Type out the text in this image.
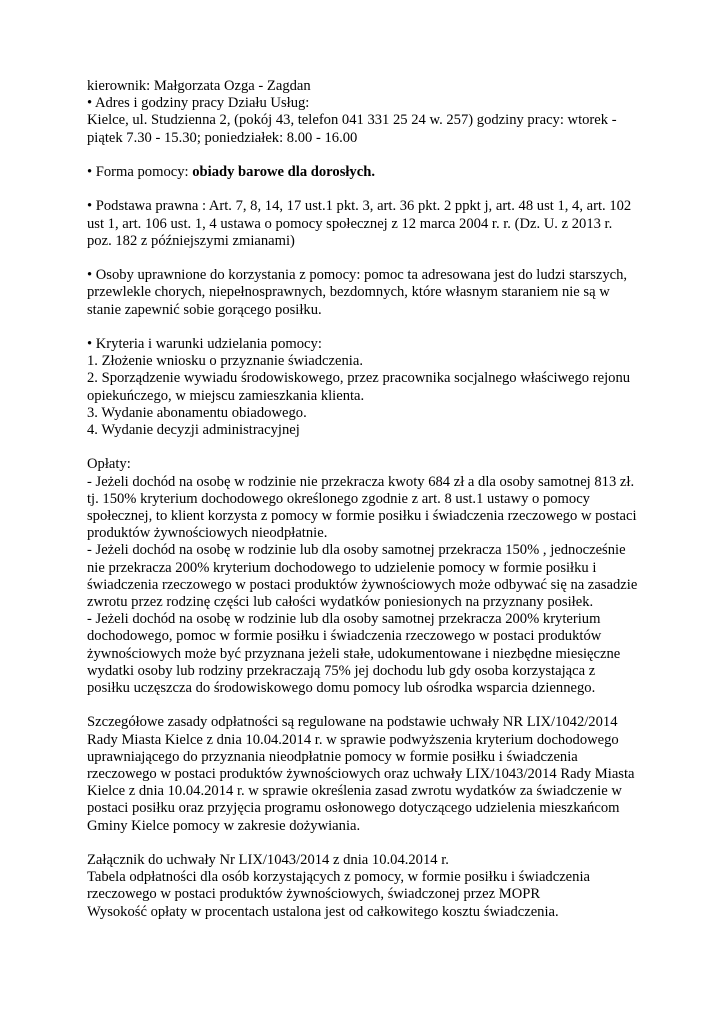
kierownik: Małgorzata Ozga - Zagdan
• Adres i godziny pracy Działu Usług:
Kielce, ul. Studzienna 2, (pokój 43, telefon 041 331 25 24 w. 257) godziny pracy: wtorek -
piątek 7.30 - 15.30; poniedziałek: 8.00 - 16.00
• Forma pomocy: obiady barowe dla dorosłych.
• Podstawa prawna : Art. 7, 8, 14, 17 ust.1 pkt. 3, art. 36 pkt. 2 ppkt j, art. 48 ust 1, 4, art. 102
ust 1, art. 106 ust. 1, 4 ustawa o pomocy społecznej z 12 marca 2004 r. r. (Dz. U. z 2013 r.
poz. 182 z późniejszymi zmianami)
• Osoby uprawnione do korzystania z pomocy: pomoc ta adresowana jest do ludzi starszych,
przewlekle chorych, niepełnosprawnych, bezdomnych, które własnym staraniem nie są w
stanie zapewnić sobie gorącego posiłku.
• Kryteria i warunki udzielania pomocy:
1. Złożenie wniosku o przyznanie świadczenia.
2. Sporządzenie wywiadu środowiskowego, przez pracownika socjalnego właściwego rejonu
opiekuńczego, w miejscu zamieszkania klienta.
3. Wydanie abonamentu obiadowego.
4. Wydanie decyzji administracyjnej
Opłaty:
- Jeżeli dochód na osobę w rodzinie nie przekracza kwoty 684 zł a dla osoby samotnej 813 zł.
tj. 150% kryterium dochodowego określonego zgodnie z art. 8 ust.1 ustawy o pomocy
społecznej, to klient korzysta z pomocy w formie posiłku i świadczenia rzeczowego w postaci
produktów żywnościowych nieodpłatnie.
- Jeżeli dochód na osobę w rodzinie lub dla osoby samotnej przekracza 150% , jednocześnie
nie przekracza 200% kryterium dochodowego to udzielenie pomocy w formie posiłku i
świadczenia rzeczowego w postaci produktów żywnościowych może odbywać się na zasadzie
zwrotu przez rodzinę części lub całości wydatków poniesionych na przyznany posiłek.
- Jeżeli dochód na osobę w rodzinie lub dla osoby samotnej przekracza 200% kryterium
dochodowego, pomoc w formie posiłku i świadczenia rzeczowego w postaci produktów
żywnościowych może być przyznana jeżeli stałe, udokumentowane i niezbędne miesięczne
wydatki osoby lub rodziny przekraczają 75% jej dochodu lub gdy osoba korzystająca z
posiłku uczęszcza do środowiskowego domu pomocy lub ośrodka wsparcia dziennego.
Szczegółowe zasady odpłatności są regulowane na podstawie uchwały NR LIX/1042/2014
Rady Miasta Kielce z dnia 10.04.2014 r. w sprawie podwyższenia kryterium dochodowego
uprawniającego do przyznania nieodpłatnie pomocy w formie posiłku i świadczenia
rzeczowego w postaci produktów żywnościowych oraz uchwały LIX/1043/2014 Rady Miasta
Kielce z dnia 10.04.2014 r. w sprawie określenia zasad zwrotu wydatków za świadczenie w
postaci posiłku oraz przyjęcia programu osłonowego dotyczącego udzielenia mieszkańcom
Gminy Kielce pomocy w zakresie dożywiania.
Załącznik do uchwały Nr LIX/1043/2014 z dnia 10.04.2014 r.
Tabela odpłatności dla osób korzystających z pomocy, w formie posiłku i świadczenia
rzeczowego w postaci produktów żywnościowych, świadczonej przez MOPR
Wysokość opłaty w procentach ustalona jest od całkowitego kosztu świadczenia.
